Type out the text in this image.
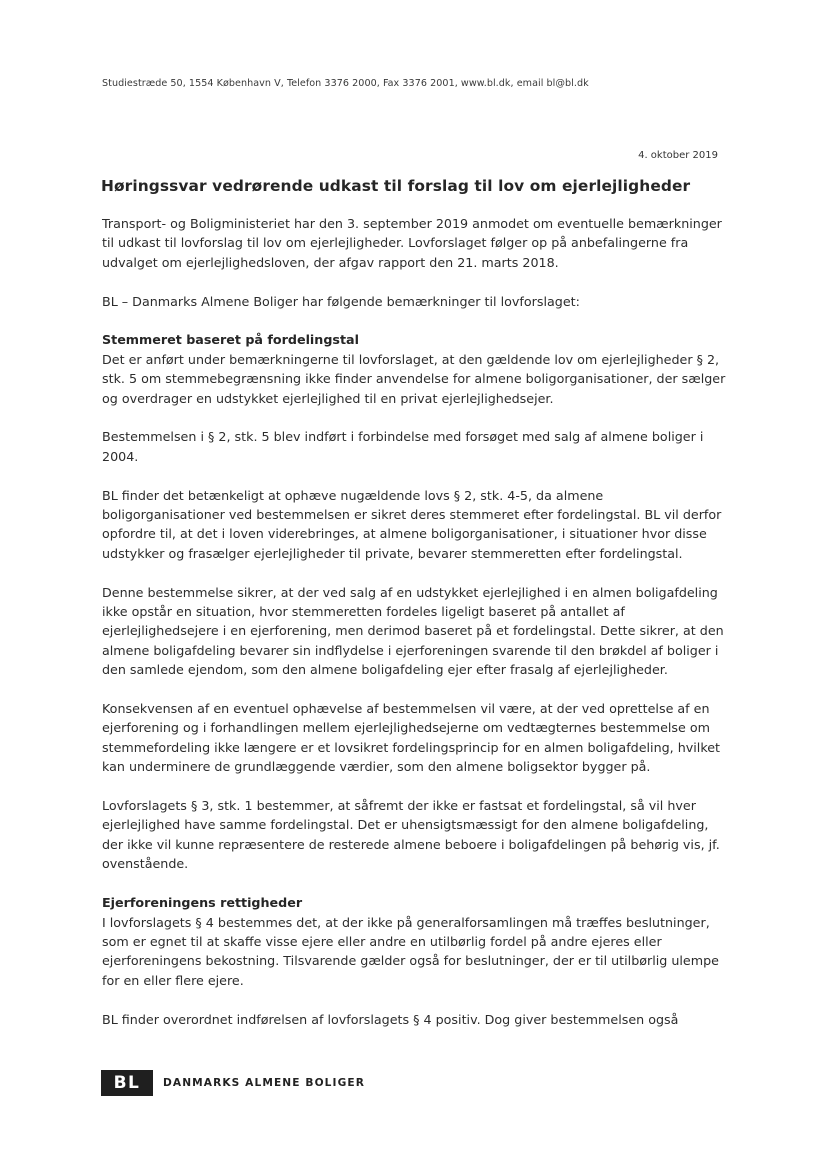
Studiestræde 50, 1554 København V, Telefon 3376 2000, Fax 3376 2001, www.bl.dk, email bl@bl.dk
4. oktober 2019
Høringssvar vedrørende udkast til forslag til lov om ejerlejligheder

Transport- og Boligministeriet har den 3. september 2019 anmodet om eventuelle bemærkninger til udkast til lovforslag til lov om ejerlejligheder. Lovforslaget følger op på anbefalingerne fra udvalget om ejerlejlighedsloven, der afgav rapport den 21. marts 2018.

BL – Danmarks Almene Boliger har følgende bemærkninger til lovforslaget:

Stemmeret baseret på fordelingstal

Det er anført under bemærkningerne til lovforslaget, at den gældende lov om ejerlejligheder § 2, stk. 5 om stemmebegrænsning ikke finder anvendelse for almene boligorganisationer, der sælger og overdrager en udstykket ejerlejlighed til en privat ejerlejlighedsejer.

Bestemmelsen i § 2, stk. 5 blev indført i forbindelse med forsøget med salg af almene boliger i 2004.

BL finder det betænkeligt at ophæve nugældende lovs § 2, stk. 4-5, da almene boligorganisationer ved bestemmelsen er sikret deres stemmeret efter fordelingstal. BL vil derfor opfordre til, at det i loven viderebringes, at almene boligorganisationer, i situationer hvor disse udstykker og frasælger ejerlejligheder til private, bevarer stemmeretten efter fordelingstal.

Denne bestemmelse sikrer, at der ved salg af en udstykket ejerlejlighed i en almen boligafdeling ikke opstår en situation, hvor stemmeretten fordeles ligeligt baseret på antallet af ejerlejlighedsejere i en ejerforening, men derimod baseret på et fordelingstal. Dette sikrer, at den almene boligafdeling bevarer sin indflydelse i ejerforeningen svarende til den brøkdel af boliger i den samlede ejendom, som den almene boligafdeling ejer efter frasalg af ejerlejligheder.

Konsekvensen af en eventuel ophævelse af bestemmelsen vil være, at der ved oprettelse af en ejerforening og i forhandlingen mellem ejerlejlighedsejerne om vedtægternes bestemmelse om stemmefordeling ikke længere er et lovsikret fordelingsprincip for en almen boligafdeling, hvilket kan underminere de grundlæggende værdier, som den almene boligsektor bygger på.

Lovforslagets § 3, stk. 1 bestemmer, at såfremt der ikke er fastsat et fordelingstal, så vil hver ejerlejlighed have samme fordelingstal. Det er uhensigtsmæssigt for den almene boligafdeling, der ikke vil kunne repræsentere de resterede almene beboere i boligafdelingen på behørig vis, jf. ovenstående.

Ejerforeningens rettigheder

I lovforslagets § 4 bestemmes det, at der ikke på generalforsamlingen må træffes beslutninger, som er egnet til at skaffe visse ejere eller andre en utilbørlig fordel på andre ejeres eller ejerforeningens bekostning. Tilsvarende gælder også for beslutninger, der er til utilbørlig ulempe for en eller flere ejere.

BL finder overordnet indførelsen af lovforslagets § 4 positiv. Dog giver bestemmelsen også

BL	DANMARKS ALMENE BOLIGER
